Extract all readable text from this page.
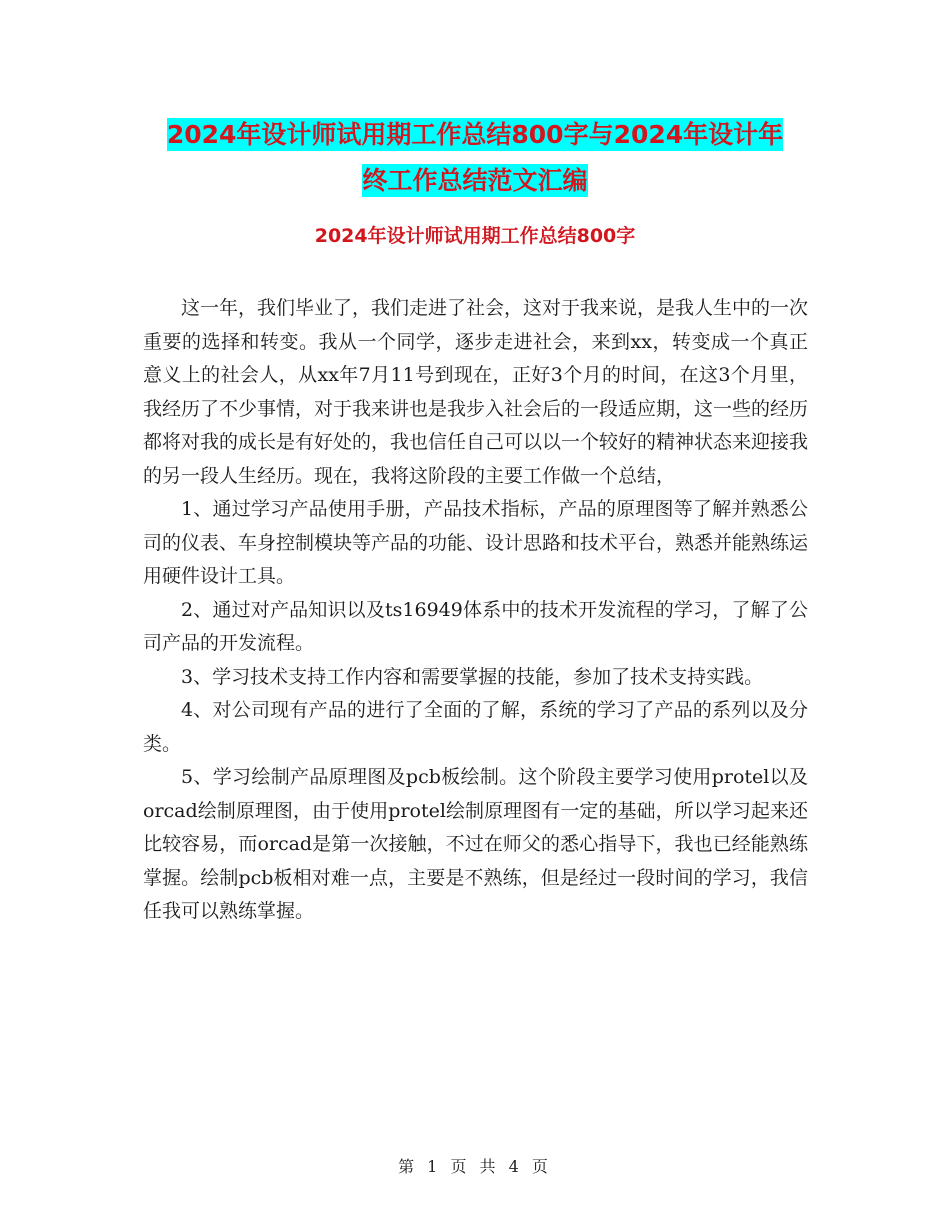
2024年设计师试用期工作总结800字与2024年设计年
终工作总结范文汇编
2024年设计师试用期工作总结800字

这一年，我们毕业了，我们走进了社会，这对于我来说，是我人生中的一次重要的选择和转变。我从一个同学，逐步走进社会，来到xx，转变成一个真正意义上的社会人，从xx年7月11号到现在，正好3个月的时间，在这3个月里，我经历了不少事情，对于我来讲也是我步入社会后的一段适应期，这一些的经历都将对我的成长是有好处的，我也信任自己可以以一个较好的精神状态来迎接我的另一段人生经历。现在，我将这阶段的主要工作做一个总结，

1、通过学习产品使用手册，产品技术指标，产品的原理图等了解并熟悉公司的仪表、车身控制模块等产品的功能、设计思路和技术平台，熟悉并能熟练运用硬件设计工具。

2、通过对产品知识以及ts16949体系中的技术开发流程的学习，了解了公司产品的开发流程。

3、学习技术支持工作内容和需要掌握的技能，参加了技术支持实践。

4、对公司现有产品的进行了全面的了解，系统的学习了产品的系列以及分类。

5、学习绘制产品原理图及pcb板绘制。这个阶段主要学习使用protel以及orcad绘制原理图，由于使用protel绘制原理图有一定的基础，所以学习起来还比较容易，而orcad是第一次接触，不过在师父的悉心指导下，我也已经能熟练掌握。绘制pcb板相对难一点，主要是不熟练，但是经过一段时间的学习，我信任我可以熟练掌握。

第 1 页 共 4 页
